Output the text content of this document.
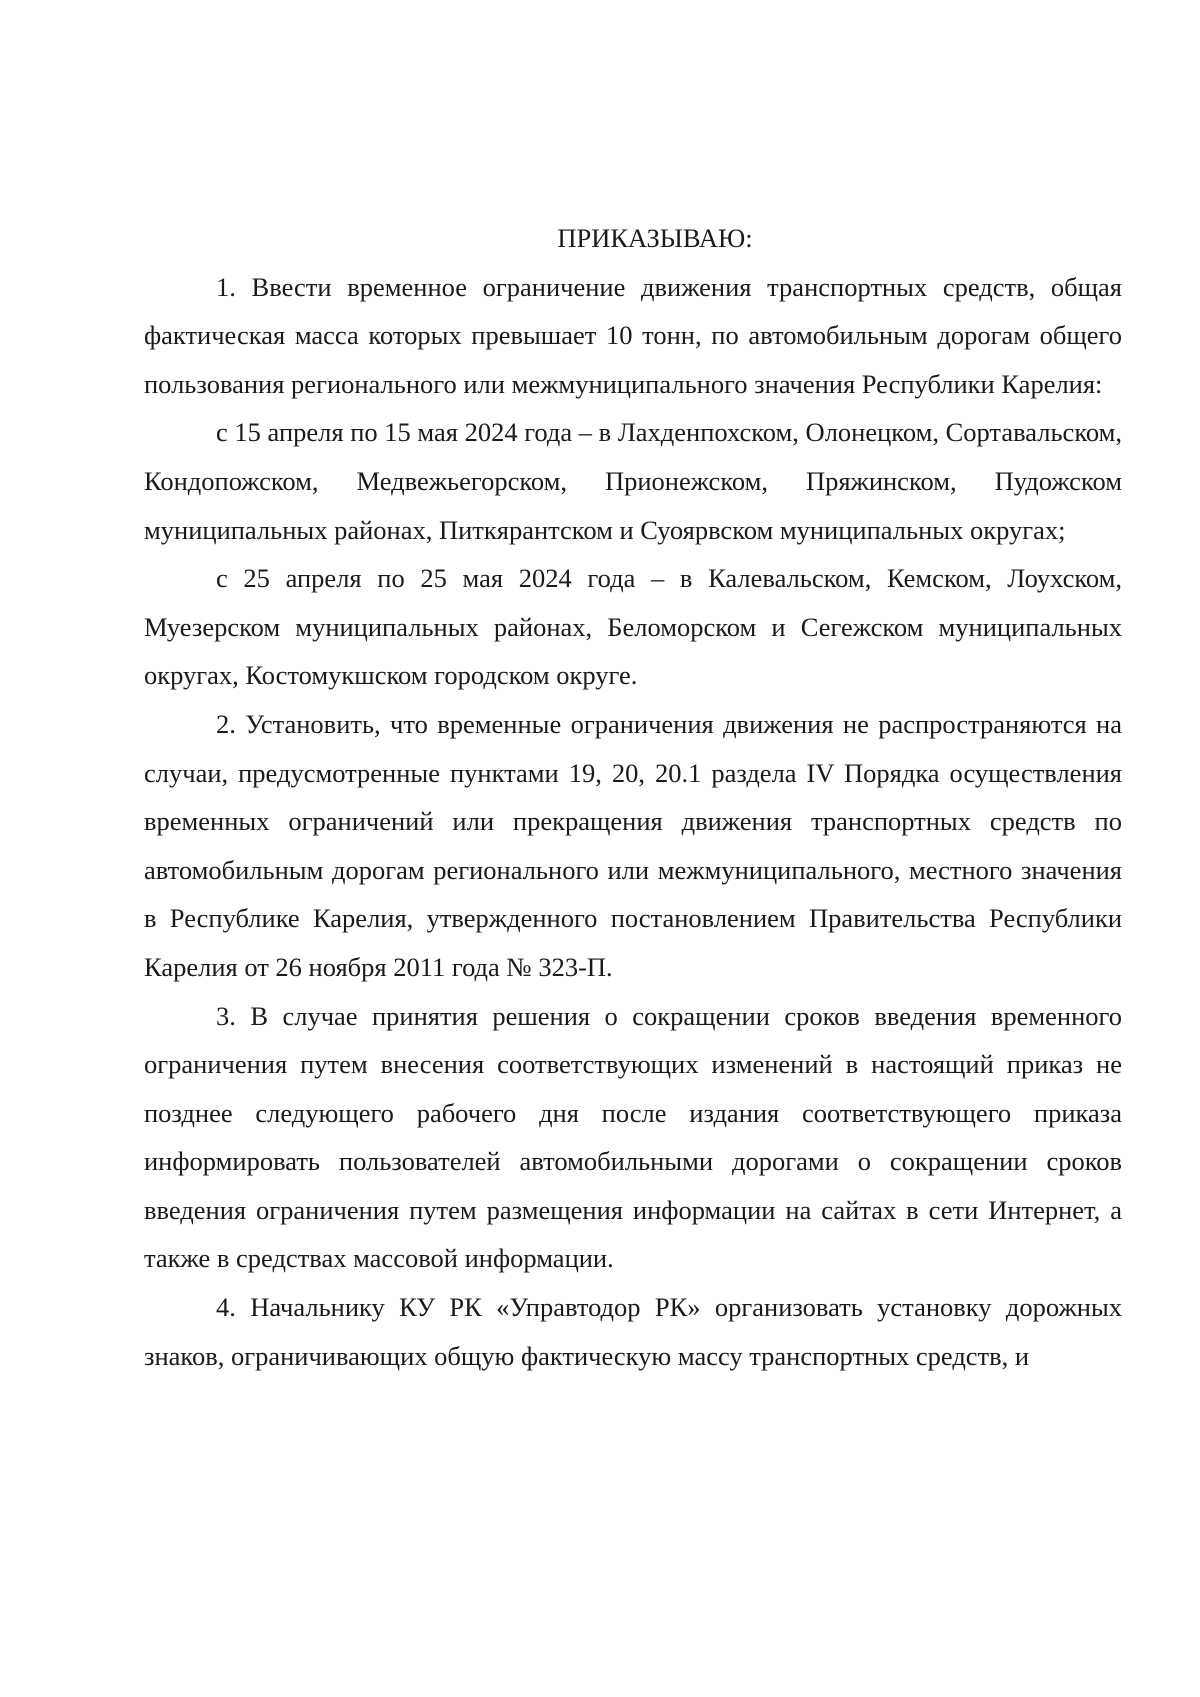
ПРИКАЗЫВАЮ:

1. Ввести временное ограничение движения транспортных средств, общая фактическая масса которых превышает 10 тонн, по автомобильным дорогам общего пользования регионального или межмуниципального значения Республики Карелия:

с 15 апреля по 15 мая 2024 года – в Лахденпохском, Олонецком, Сортавальском, Кондопожском, Медвежьегорском, Прионежском, Пряжинском, Пудожском муниципальных районах, Питкярантском и Суоярвском муниципальных округах;

с 25 апреля по 25 мая 2024 года – в Калевальском, Кемском, Лоухском, Муезерском муниципальных районах, Беломорском и Сегежском муниципальных округах, Костомукшском городском округе.

2. Установить, что временные ограничения движения не распространяются на случаи, предусмотренные пунктами 19, 20, 20.1 раздела IV Порядка осуществления временных ограничений или прекращения движения транспортных средств по автомобильным дорогам регионального или межмуниципального, местного значения в Республике Карелия, утвержденного постановлением Правительства Республики Карелия от 26 ноября 2011 года № 323-П.

3. В случае принятия решения о сокращении сроков введения временного ограничения путем внесения соответствующих изменений в настоящий приказ не позднее следующего рабочего дня после издания соответствующего приказа информировать пользователей автомобильными дорогами о сокращении сроков введения ограничения путем размещения информации на сайтах в сети Интернет, а также в средствах массовой информации.

4. Начальнику КУ РК «Управтодор РК» организовать установку дорожных знаков, ограничивающих общую фактическую массу транспортных средств, и
